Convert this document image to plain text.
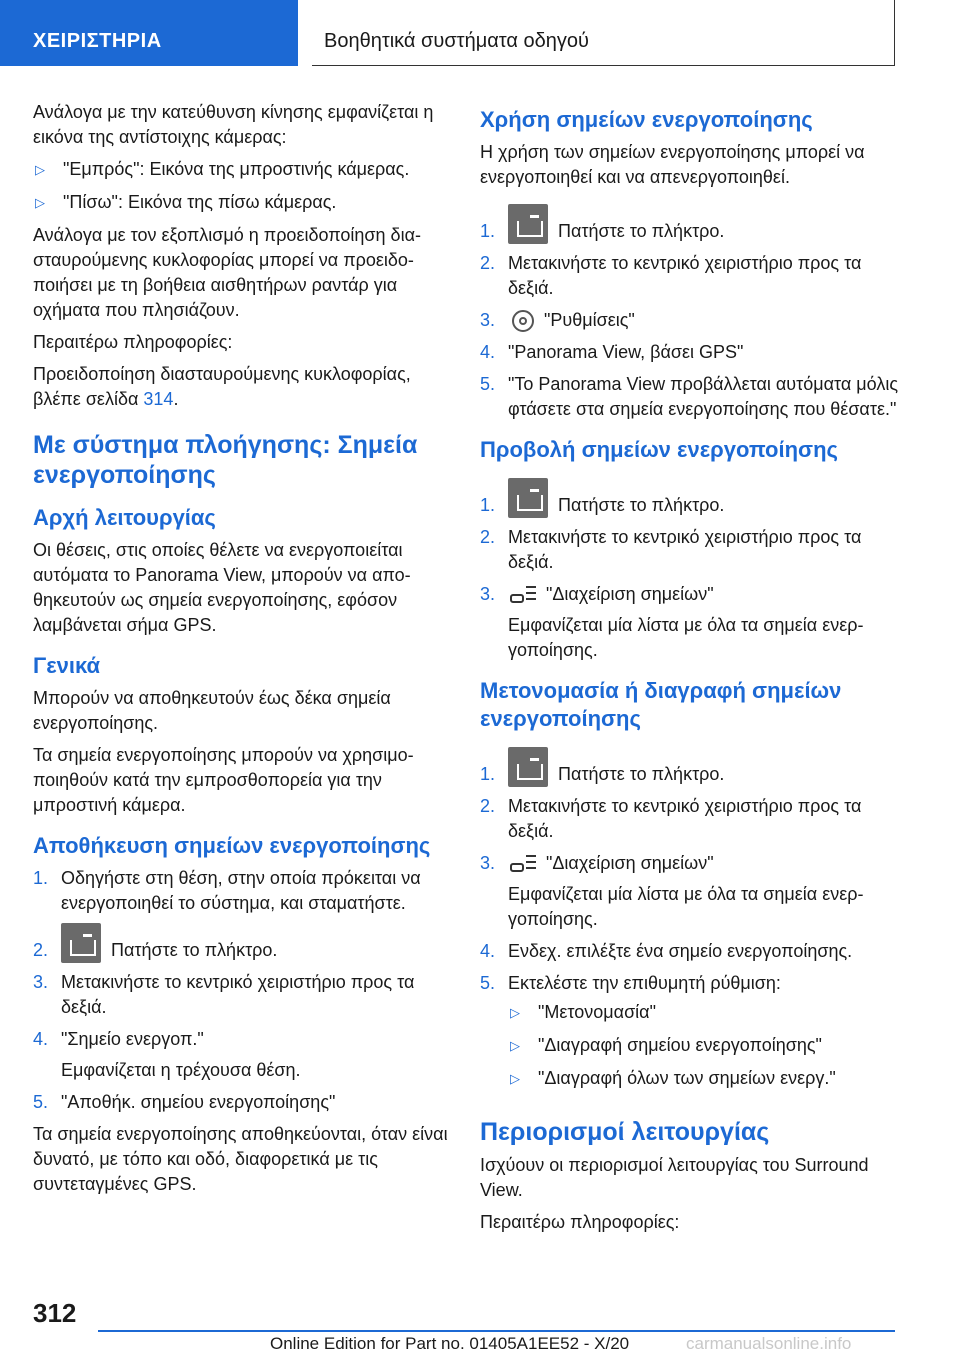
ΧΕΙΡΙΣΤΗΡΙΑ	Βοηθητικά συστήματα οδηγού

Ανάλογα με την κατεύθυνση κίνησης εμφανίζεται η εικόνα της αντίστοιχης κάμερας:

▷	"Εμπρός": Εικόνα της μπροστινής κάμερας.
▷	"Πίσω": Εικόνα της πίσω κάμερας.

Ανάλογα με τον εξοπλισμό η προειδοποίηση διασταυρούμενης κυκλοφορίας μπορεί να προειδοποιήσει με τη βοήθεια αισθητήρων ραντάρ για οχήματα που πλησιάζουν.

Περαιτέρω πληροφορίες:

Προειδοποίηση διασταυρούμενης κυκλοφορίας, βλέπε σελίδα 314.

Με σύστημα πλοήγησης: Σημεία ενεργοποίησης
Αρχή λειτουργίας

Οι θέσεις, στις οποίες θέλετε να ενεργοποιείται αυτόματα το Panorama View, μπορούν να αποθηκευτούν ως σημεία ενεργοποίησης, εφόσον λαμβάνεται σήμα GPS.

Γενικά

Μπορούν να αποθηκευτούν έως δέκα σημεία ενεργοποίησης.

Τα σημεία ενεργοποίησης μπορούν να χρησιμοποιηθούν κατά την εμπροσθοπορεία για την μπροστινή κάμερα.

Αποθήκευση σημείων ενεργοποίησης
1. Οδηγήστε στη θέση, στην οποία πρόκειται να ενεργοποιηθεί το σύστημα, και σταματήστε.
2.	Πατήστε το πλήκτρο.
3. Μετακινήστε το κεντρικό χειριστήριο προς τα δεξιά.
4. "Σημείο ενεργοπ."
Εμφανίζεται η τρέχουσα θέση.
5. "Αποθήκ. σημείου ενεργοποίησης"

Τα σημεία ενεργοποίησης αποθηκεύονται, όταν είναι δυνατό, με τόπο και οδό, διαφορετικά με τις συντεταγμένες GPS.

Χρήση σημείων ενεργοποίησης

Η χρήση των σημείων ενεργοποίησης μπορεί να ενεργοποιηθεί και να απενεργοποιηθεί.

1.	Πατήστε το πλήκτρο.
2. Μετακινήστε το κεντρικό χειριστήριο προς τα δεξιά.
3.	"Ρυθμίσεις"
4. "Panorama View, βάσει GPS"
5. "Το Panorama View προβάλλεται αυτόματα μόλις φτάσετε στα σημεία ενεργοποίησης που θέσατε."
Προβολή σημείων ενεργοποίησης
1.	Πατήστε το πλήκτρο.
2. Μετακινήστε το κεντρικό χειριστήριο προς τα δεξιά.
3.	"Διαχείριση σημείων"
Εμφανίζεται μία λίστα με όλα τα σημεία ενεργοποίησης.
Μετονομασία ή διαγραφή σημείων ενεργοποίησης
1.	Πατήστε το πλήκτρο.
2. Μετακινήστε το κεντρικό χειριστήριο προς τα δεξιά.
3.	"Διαχείριση σημείων"
Εμφανίζεται μία λίστα με όλα τα σημεία ενεργοποίησης.
4. Ενδεχ. επιλέξτε ένα σημείο ενεργοποίησης.
5. Εκτελέστε την επιθυμητή ρύθμιση:
▷	"Μετονομασία"
▷	"Διαγραφή σημείου ενεργοποίησης"
▷	"Διαγραφή όλων των σημείων ενεργ."
Περιορισμοί λειτουργίας

Ισχύουν οι περιορισμοί λειτουργίας του Surround View.

Περαιτέρω πληροφορίες:

312
Online Edition for Part no. 01405A1EE52 - X/20	carmanualsonline.info
